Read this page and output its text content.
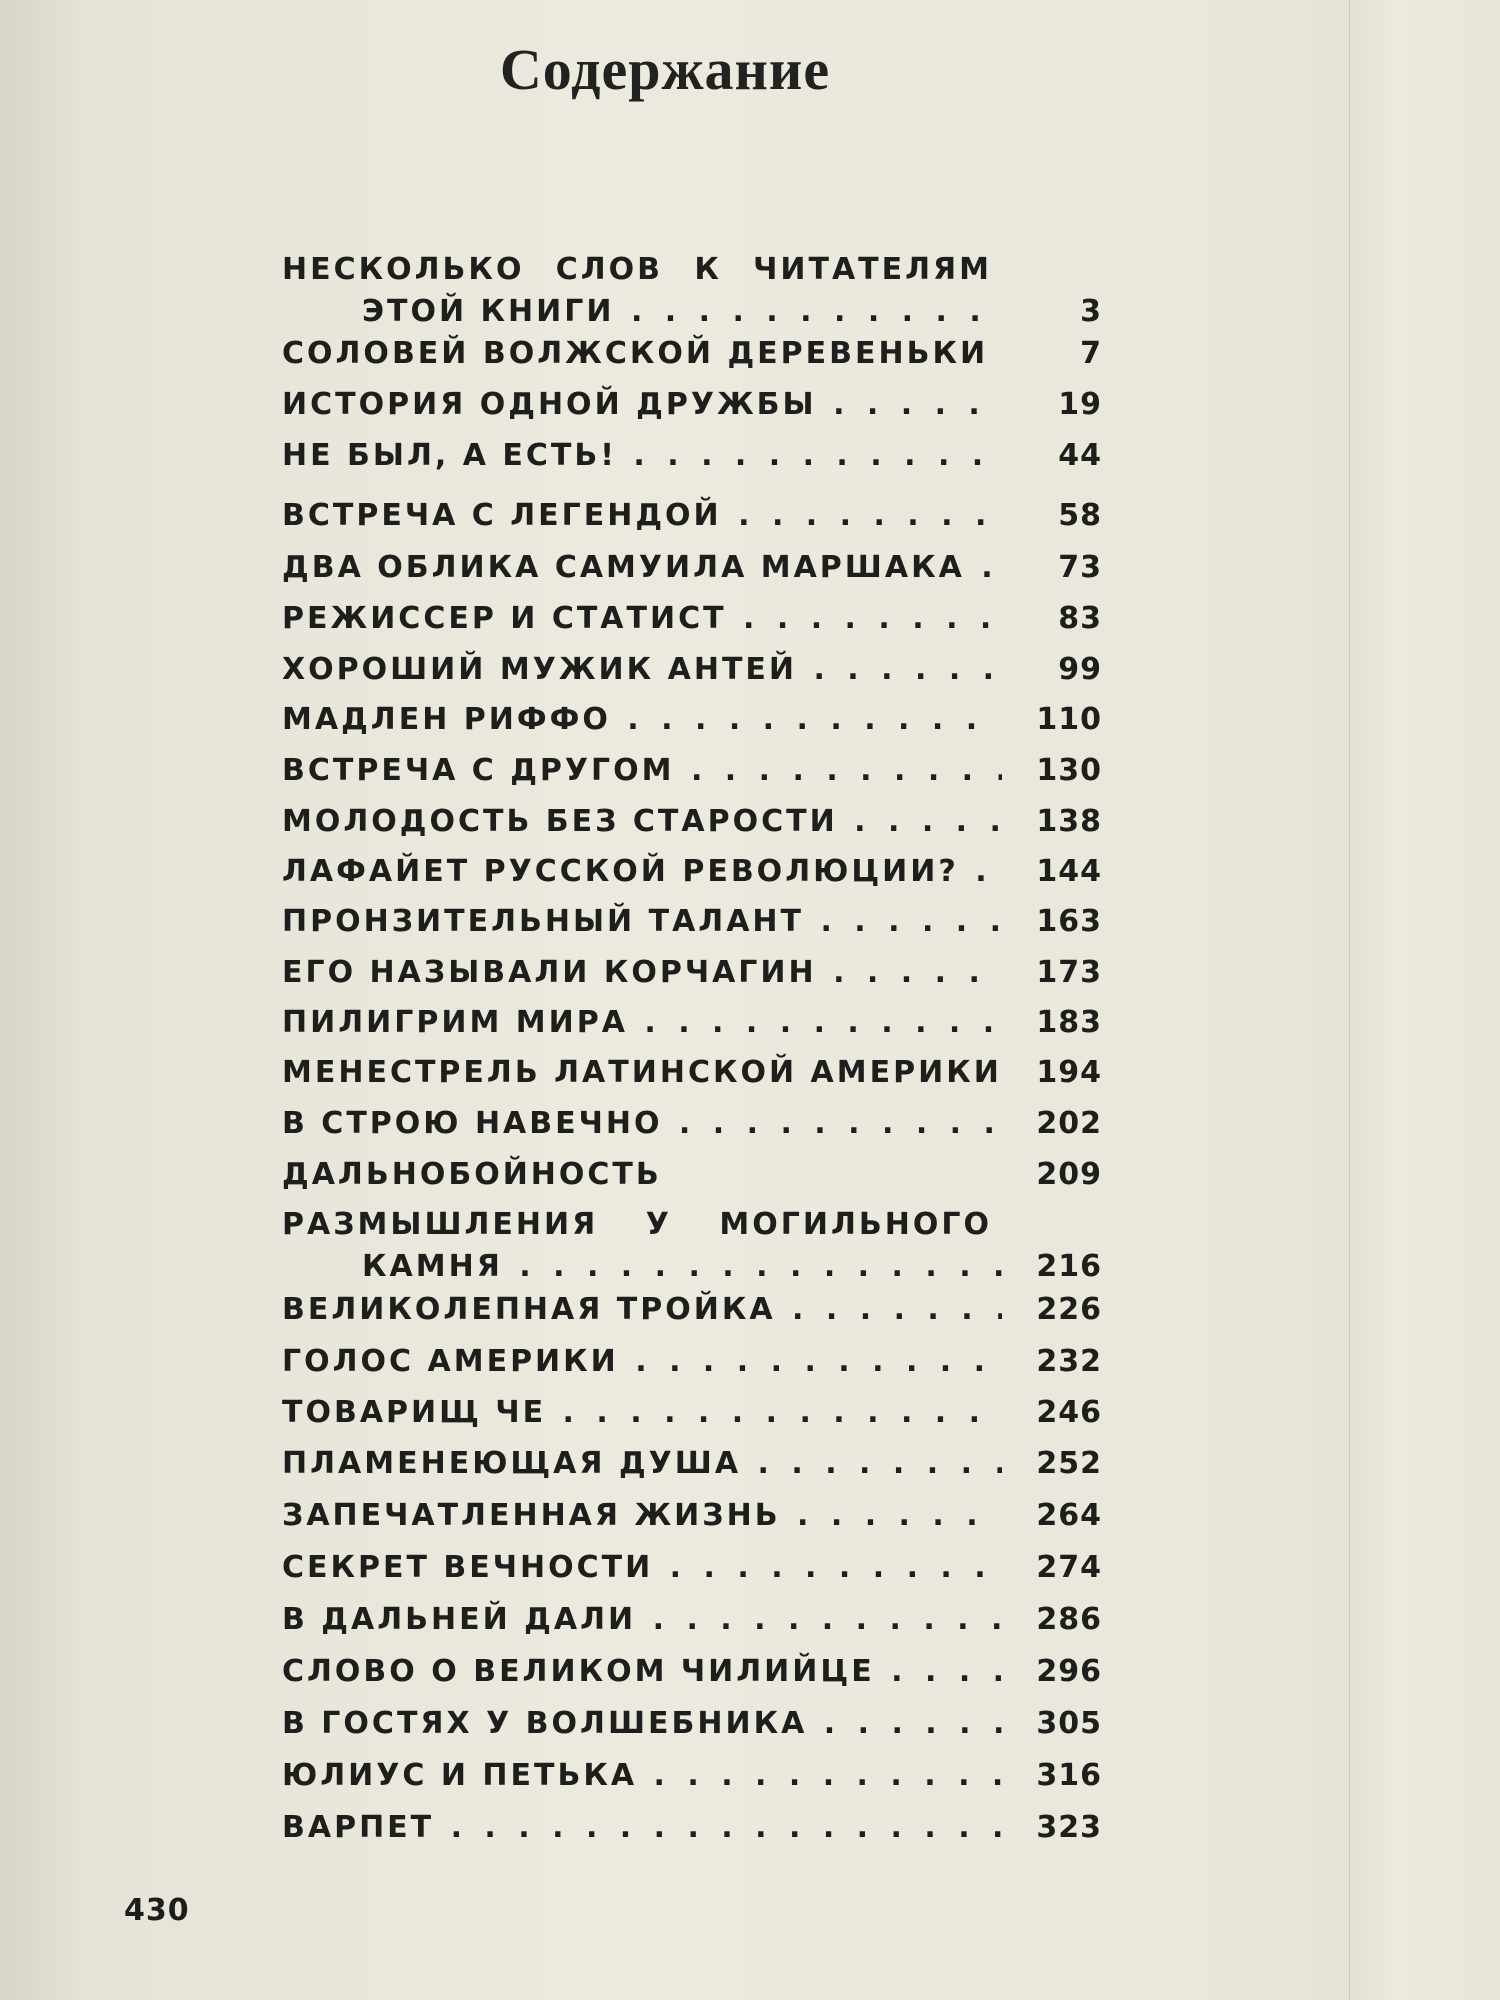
Содержание
НЕСКОЛЬКО СЛОВ К ЧИТАТЕЛЯМ
ЭТОЙ КНИГИ . . .	3
СОЛОВЕЙ ВОЛЖСКОЙ ДЕРЕВЕНЬКИ . . .	7
ИСТОРИЯ ОДНОЙ ДРУЖБЫ . . .	19
НЕ БЫЛ, А ЕСТЬ! . . .	44
ВСТРЕЧА С ЛЕГЕНДОЙ . . .	58
ДВА ОБЛИКА САМУИЛА МАРШАКА . . .	73
РЕЖИССЕР И СТАТИСТ . . .	83
ХОРОШИЙ МУЖИК АНТЕЙ . . .	99
МАДЛЕН РИФФО . . .	110
ВСТРЕЧА С ДРУГОМ . . .	130
МОЛОДОСТЬ БЕЗ СТАРОСТИ . . .	138
ЛАФАЙЕТ РУССКОЙ РЕВОЛЮЦИИ? . . .	144
ПРОНЗИТЕЛЬНЫЙ ТАЛАНТ . . .	163
ЕГО НАЗЫВАЛИ КОРЧАГИН . . .	173
ПИЛИГРИМ МИРА . . .	183
МЕНЕСТРЕЛЬ ЛАТИНСКОЙ АМЕРИКИ	194
В СТРОЮ НАВЕЧНО . . .	202
ДАЛЬНОБОЙНОСТЬ	209
РАЗМЫШЛЕНИЯ У МОГИЛЬНОГО
КАМНЯ . . .	216
ВЕЛИКОЛЕПНАЯ ТРОЙКА . . .	226
ГОЛОС АМЕРИКИ . . .	232
ТОВАРИЩ ЧЕ . . .	246
ПЛАМЕНЕЮЩАЯ ДУША . . .	252
ЗАПЕЧАТЛЕННАЯ ЖИЗНЬ . . .	264
СЕКРЕТ ВЕЧНОСТИ . . .	274
В ДАЛЬНЕЙ ДАЛИ . . .	286
СЛОВО О ВЕЛИКОМ ЧИЛИЙЦЕ . . .	296
В ГОСТЯХ У ВОЛШЕБНИКА . . .	305
ЮЛИУС И ПЕТЬКА . . .	316
ВАРПЕТ . . .	323
430
